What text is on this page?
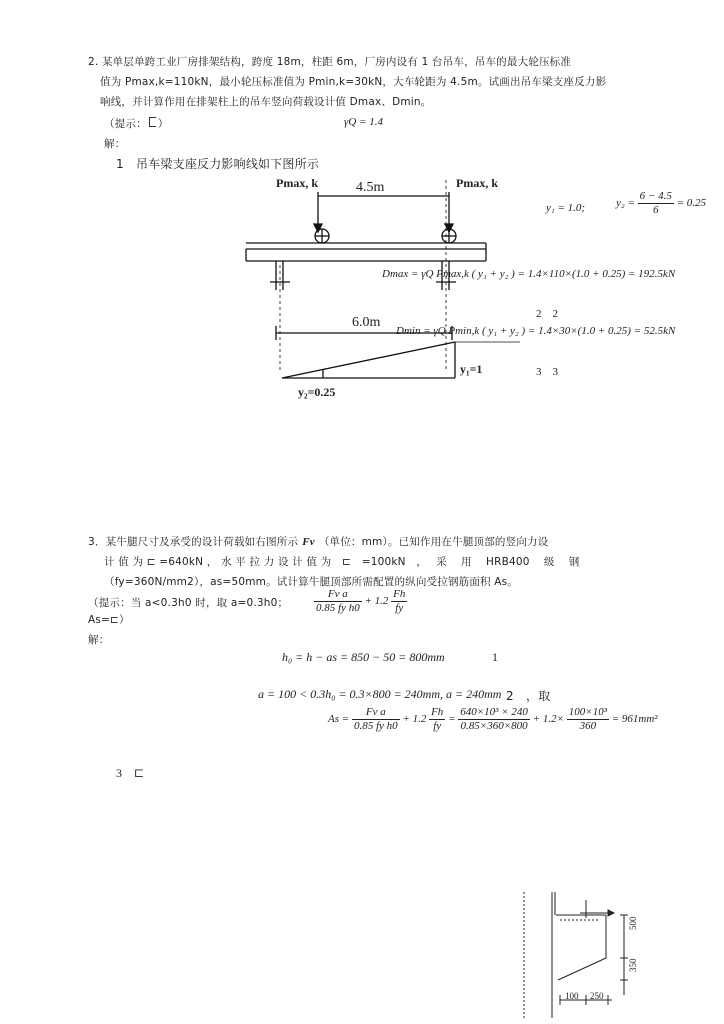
2. 某单层单跨工业厂房排架结构，跨度 18m，柱距 6m，厂房内设有 1 台吊车，吊车的最大轮压标准
值为 Pmax,k=110kN，最小轮压标准值为 Pmin,k=30kN，大车轮距为 4.5m。试画出吊车梁支座反力影
响线，并计算作用在排架柱上的吊车竖向荷载设计值 Dmax、Dmin。
（提示： ）	γQ = 1.4
解：
1　吊车梁支座反力影响线如下图所示
Pmax, k	Pmax, k
4.5m
6.0m
y₁=1
y₂=0.25
y₁ = 1.0;	$y_2 = \frac{6 - 4.5}{6} = 0.25$
Dmax = γQ Pmax,k ( y₁ + y₂ ) = 1.4×110×(1.0 + 0.25) = 192.5kN
2　2
Dmin = γQ Pmin,k ( y₁ + y₂ ) = 1.4×30×(1.0 + 0.25) = 52.5kN
3　3
3．某牛腿尺寸及承受的设计荷载如右图所示 Fv （单位：mm）。已知作用在牛腿顶部的竖向力设
计 值 为 ⊏ =640kN ， 水 平 拉 力 设 计 值 为　⊏　=100kN　，　 采　 用　 HRB400　 级　 钢
（fy=360N/mm2），as=50mm。试计算牛腿顶部所需配置的纵向受拉钢筋面积 As。
（提示：当 a<0.3h0 时，取 a=0.3h0； $\frac{\text{Fv a}}{\text{0.85 fy h0}} + 1.2 \frac{Fh}{fy}$
As=⊏）
解：
h₀ = h − as = 850 − 50 = 800mm	1
a = 100 < 0.3h₀ = 0.3×800 = 240mm, a = 240mm 2　，取
$As = \frac{\text{Fv a}}{\text{0.85 fy h0}} + 1.2 \frac{Fh}{fy} = \frac{\text{640×10³ × 240}}{0.85\times 360\times 800} + 1.2\times \frac{\text{100×10³}}{360} = 961mm^2$
3　⊏
500
350
100 250
